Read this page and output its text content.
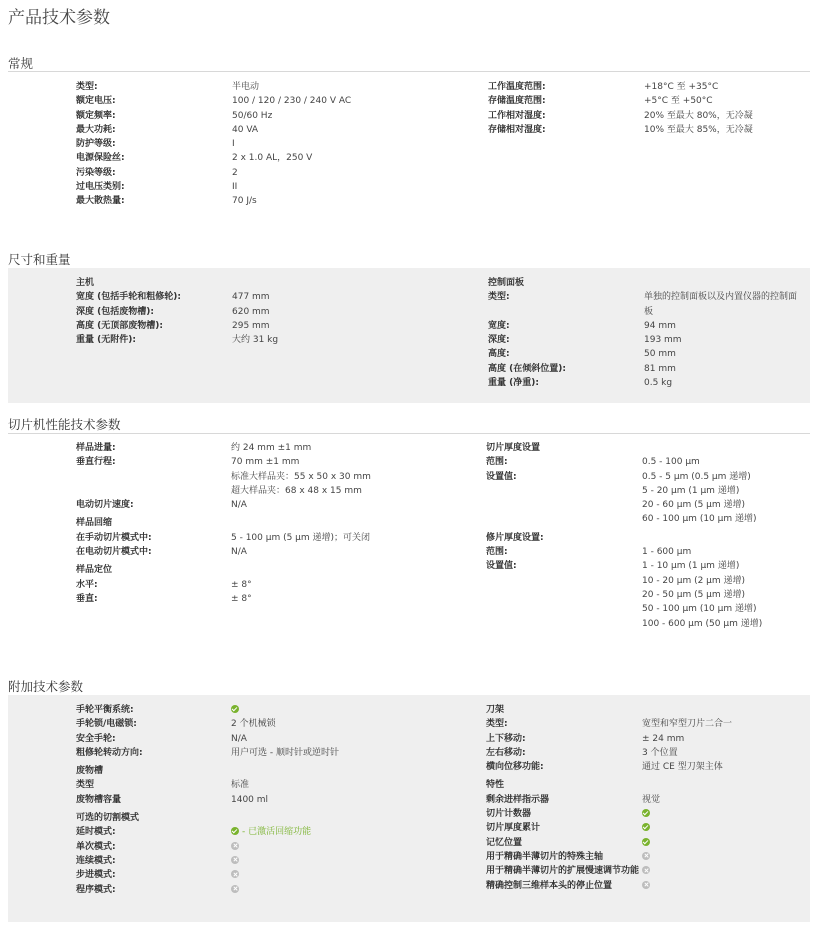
产品技术参数
常规
类型:	半电动
额定电压:	100 / 120 / 230 / 240 V AC
额定频率:	50/60 Hz
最大功耗:	40 VA
防护等级:	I
电源保险丝:	2 x 1.0 AL，250 V
污染等级:	2
过电压类别:	II
最大散热量:	70 J/s
工作温度范围:	+18°C 至 +35°C
存储温度范围:	+5°C 至 +50°C
工作相对湿度:	20% 至最大 80%，无冷凝
存储相对湿度:	10% 至最大 85%，无冷凝
尺寸和重量
主机
宽度 (包括手轮和粗修轮):	477 mm
深度 (包括废物槽):	620 mm
高度 (无顶部废物槽):	295 mm
重量 (无附件):	大约 31 kg
控制面板
类型:	单独的控制面板以及内置仪器的控制面板
宽度:	94 mm
深度:	193 mm
高度:	50 mm
高度 (在倾斜位置):	81 mm
重量 (净重):	0.5 kg
切片机性能技术参数
样品进量:	约 24 mm ±1 mm
垂直行程:	70 mm ±1 mm
标准大样品夹：55 x 50 x 30 mm
超大样品夹：68 x 48 x 15 mm
电动切片速度:	N/A
样品回缩
在手动切片模式中:	5 - 100 µm (5 µm 递增)；可关闭
在电动切片模式中:	N/A
样品定位
水平:	± 8°
垂直:	± 8°
切片厚度设置
范围:	0.5 - 100 µm
设置值:	0.5 - 5 µm (0.5 µm 递增)
5 - 20 µm (1 µm 递增)
20 - 60 µm (5 µm 递增)
60 - 100 µm (10 µm 递增)
修片厚度设置:
范围:	1 - 600 µm
设置值:	1 - 10 µm (1 µm 递增)
10 - 20 µm (2 µm 递增)
20 - 50 µm (5 µm 递增)
50 - 100 µm (10 µm 递增)
100 - 600 µm (50 µm 递增)
附加技术参数
手轮平衡系统:
手轮锁/电磁锁:	2 个机械锁
安全手轮:	N/A
粗修轮转动方向:	用户可选 - 顺时针或逆时针
废物槽
类型	标准
废物槽容量	1400 ml
可选的切割模式
延时模式:	- 已激活回缩功能
单次模式:
连续模式:
步进模式:
程序模式:
刀架
类型:	宽型和窄型刀片二合一
上下移动:	± 24 mm
左右移动:	3 个位置
横向位移功能:	通过 CE 型刀架主体
特性
剩余进样指示器	视觉
切片计数器
切片厚度累计
记忆位置
用于精确半薄切片的特殊主轴
用于精确半薄切片的扩展慢速调节功能
精确控制三维样本头的停止位置
